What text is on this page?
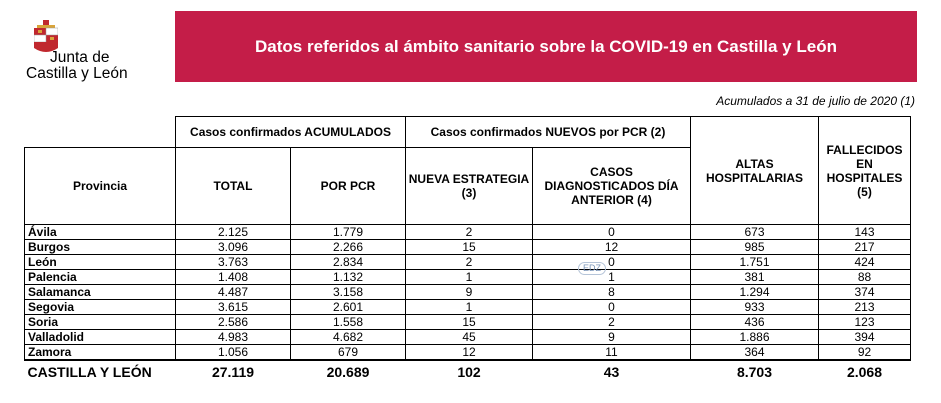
Junta de
Castilla y León
Datos referidos al ámbito sanitario sobre la COVID-19 en Castilla y León
Acumulados a 31 de julio de 2020 (1)
	Casos confirmados ACUMULADOS		Casos confirmados NUEVOS por PCR (2)		ALTAS HOSPITALARIAS	FALLECIDOS EN HOSPITALES (5)
Provincia	TOTAL	POR PCR	NUEVA ESTRATEGIA (3)	CASOS DIAGNOSTICADOS DÍA ANTERIOR (4)		
Ávila	2.125	1.779	2	0	673	143
Burgos	3.096	2.266	15	12	985	217
León	3.763	2.834	2	0	1.751	424
Palencia	1.408	1.132	1	1	381	88
Salamanca	4.487	3.158	9	8	1.294	374
Segovia	3.615	2.601	1	0	933	213
Soria	2.586	1.558	15	2	436	123
Valladolid	4.983	4.682	45	9	1.886	394
Zamora	1.056	679	12	11	364	92
CASTILLA Y LEÓN	27.119	20.689	102	43	8.703	2.068
EDZ
